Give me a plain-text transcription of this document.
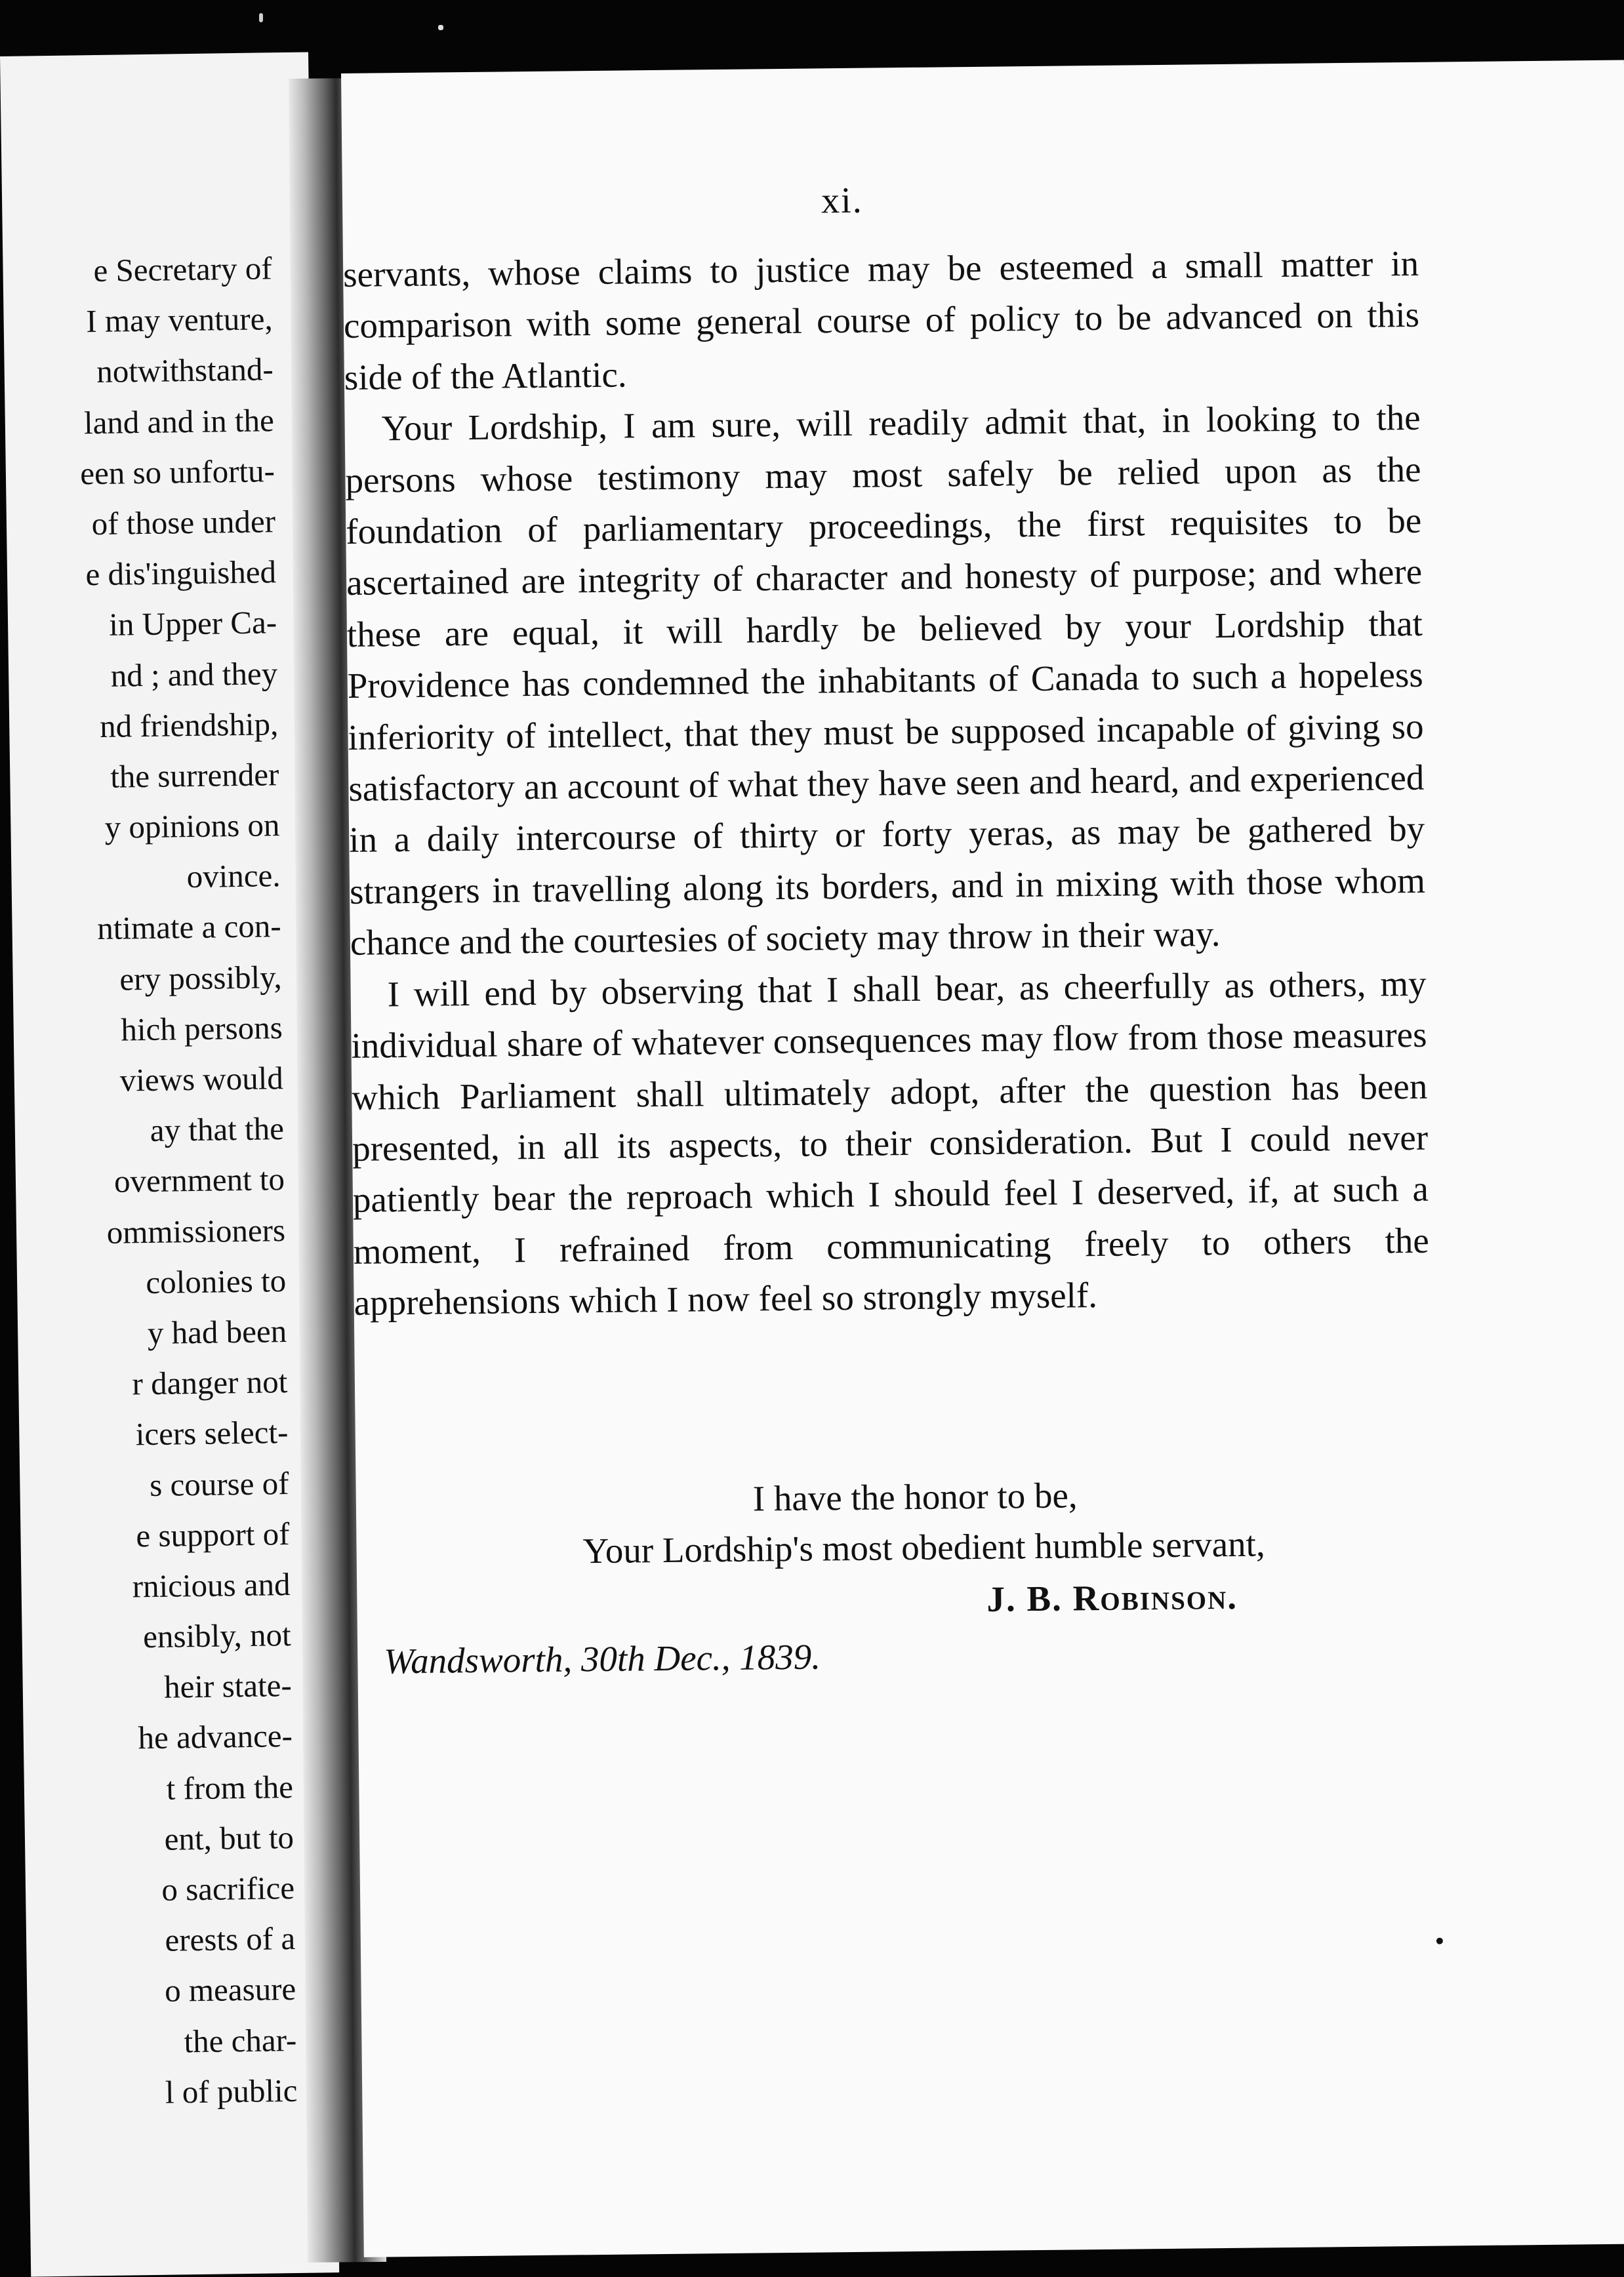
e Secretary of
I may venture,
notwithstand-
land and in the
een so unfortu-
of those under
e dis'inguished
in Upper Ca-
nd ; and they
nd friendship,
the surrender
y opinions on
ovince.
ntimate a con-
ery possibly,
hich persons
views would
ay that the
overnment to
ommissioners
colonies to
y had been
r danger not
icers select-
s course of
e support of
rnicious and
ensibly, not
heir state-
he advance-
t from the
ent, but to
o sacrifice
erests of a
o measure
the char-
l of public
xi.

servants, whose claims to justice may be esteemed a small matter in comparison with some general course of policy to be advanced on this side of the Atlantic.

Your Lordship, I am sure, will readily admit that, in looking to the persons whose testimony may most safely be relied upon as the foundation of parliamentary proceedings, the first requisites to be ascertained are integrity of character and honesty of purpose; and where these are equal, it will hardly be believed by your Lordship that Providence has condemned the inhabitants of Canada to such a hopeless inferiority of intellect, that they must be supposed incapable of giving so satisfactory an account of what they have seen and heard, and experienced in a daily intercourse of thirty or forty yeras, as may be gathered by strangers in travelling along its borders, and in mixing with those whom chance and the courtesies of society may throw in their way.

I will end by observing that I shall bear, as cheerfully as others, my individual share of whatever consequences may flow from those measures which Parliament shall ultimately adopt, after the question has been presented, in all its aspects, to their consideration. But I could never patiently bear the reproach which I should feel I deserved, if, at such a moment, I refrained from communicating freely to others the apprehensions which I now feel so strongly myself.

I have the honor to be,
Your Lordship's most obedient humble servant,
J. B. Robinson.
Wandsworth, 30th Dec., 1839.
